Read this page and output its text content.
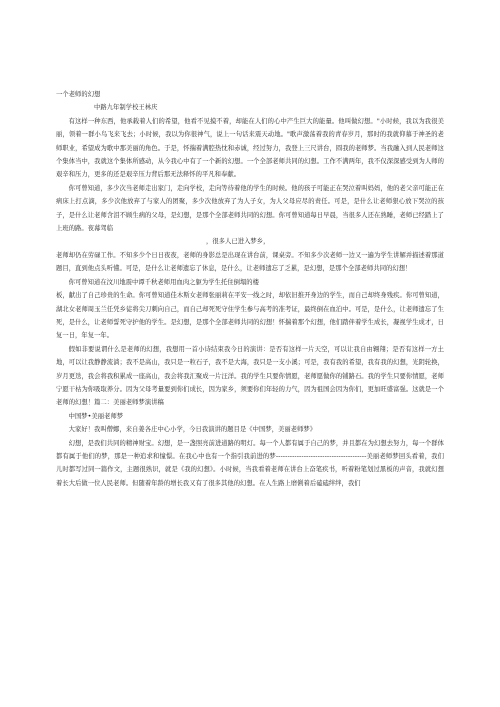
一个老师的幻想

中路九年制学校王林庆

有这样一种东西，他承载着人们的希望，他看不见摸不着，却能在人们的心中产生巨大的能量。他叫做幻想。"小时候，我以为我很美丽，领着一群小鸟飞来飞去；小时候，我以为你很神气，说上一句话来震天动地。"歌声激荡着我的青春岁月，那时的我就仰慕于神圣的老师职业，希望成为歌中那美丽的角色。于是，怀揣着满腔热忱和赤诚，经过努力，我登上三尺讲台，圆我的老师梦。当我融入到人民老师这个集体当中，我就这个集体所感动，从今我心中有了一个新的幻想。一个全部老师共同的幻想。工作不满两年，我不仅深深感受到为人师的艰辛和压力，更多的还是艰辛压力背后那无法释怀的平凡和奉献。

你可曾知道，多少次当老师走出家门，走向学校，走向等待着他的学生的时候。他的孩子可能正在哭泣着叫妈妈，他的老父亲可能正在病床上打点滴，多少次他放弃了与家人的团聚，多少次他放弃了为人子女，为人父母应尽的责任。可是，是什么让老师狠心放下哭泣的孩子，是什么让老师含泪不顾生病的父母，是幻想，是那个全部老师共同的幻想。你可曾知道每日早晨，当很多人还在熟睡，老师已经踏上了上班的路。夜幕驾临

，很多人已进入梦乡，

老师却仍在劳碌工作。不知多少个日日夜夜，老师的身影总是出现在讲台前，课桌旁。不知多少次老师一边又一遍为学生讲解并描述着那道题目，直到他点头听懂。可是，是什么让老师遗忘了休息，是什么，让老师遗忘了乏累，是幻想，是那个全部老师共同的幻想！

你可曾知道在汶川地震中谭千秋老师用血肉之躯为学生托住倒塌的楼

板，献出了自己珍贵的生命。你可曾知道佳木斯女老师张丽莉在平安一线之时，却依旧推开身边的学生，而自己却终身残疾。你可曾知道，湖北女老师周玉兰任凭乡徒将尖刀刺向自己，而自己却死死守住学生参与高考的准考证，最终倒在血泊中。可是，是什么，让老师遗忘了生死，是什么，让老师誓死守护他的学生。是幻想，是那个全部老师共同的幻想！怀揣着那个幻想，他们踏伴着学生成长，凝视学生成才，日复一日，年复一年。

假如非要说谓什么是老师的幻想，我想用一首小诗结束我今日的演讲：是否有这样一片天空，可以让我自由翱翔；是否有这样一方土地，可以让我静静流淌；我不是高山，我只是一粒石子，我不是大海，我只是一支小溪；可是，我有我的希望，我有我的幻想，光阴轮换，岁月更迭，我会将我积累成一座高山，我会将我汇聚成一片汪洋。我的学生只要你情愿，老师愿做你的铺路石。我的学生只要你情愿，老师宁愿干枯为你吸取养分。因为父母考量要到你们成长，因为家乡，须要你们年轻的力气，因为祖国会因为你们，更加旺盛富强。这就是一个老师的幻想！篇二：美丽老师梦演讲稿

中国梦•美丽老师梦

大家好！我叫僧娜，来自姜各庄中心小学，今日我演讲的题目是《中国梦，美丽老师梦》

幻想，是我们共同的精神财宝。幻想，是一盏照亮前进道路的明灯。每一个人都有属于自己的梦，并且都在为幻想去努力，每一个群体都有属于他们的梦，那是一种追求和憧憬。在我心中也有一个指引我前进的梦---------------------------------------美丽老师梦回头看着，我们儿时都写过同一篇作文，主题很熟识，就是《我的幻想》。小时候，当我看着老师在讲台上奋笔疾书，听着粉笔划过黑板的声音，我就幻想着长大后做一位人民老师。但随着年龄的增长我又有了很多其他的幻想。在人生路上磨俐着后磕磕绊绊，我们
